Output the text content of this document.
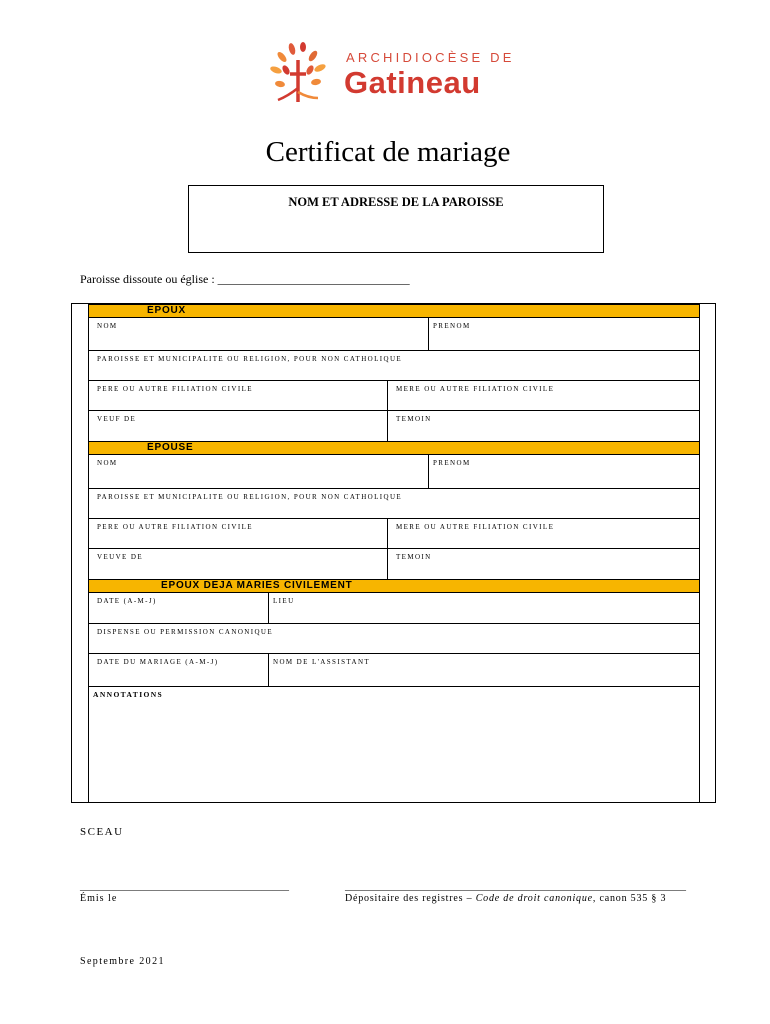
ARCHIDIOCÈSE DE
Gatineau
Certificat de mariage
NOM ET ADRESSE DE LA PAROISSE
Paroisse dissoute ou église : ________________________________
ÉPOUX
NOM	PRENOM
PAROISSE ET MUNICIPALITE OU RELIGION, POUR NON CATHOLIQUE
PERE OU AUTRE FILIATION CIVILE	MERE OU AUTRE FILIATION CIVILE
VEUF DE	TEMOIN
ÉPOUSE
NOM	PRENOM
PAROISSE ET MUNICIPALITE OU RELIGION, POUR NON CATHOLIQUE
PERE OU AUTRE FILIATION CIVILE	MERE OU AUTRE FILIATION CIVILE
VEUVE DE	TEMOIN
EPOUX DEJA MARIES CIVILEMENT
DATE (A-M-J)	LIEU
DISPENSE OU PERMISSION CANONIQUE
DATE DU MARIAGE (A-M-J)	NOM DE L'ASSISTANT
ANNOTATIONS
SCEAU
______________________________________
Émis le
______________________________________________________________
Dépositaire des registres – Code de droit canonique, canon 535 § 3
Septembre 2021
